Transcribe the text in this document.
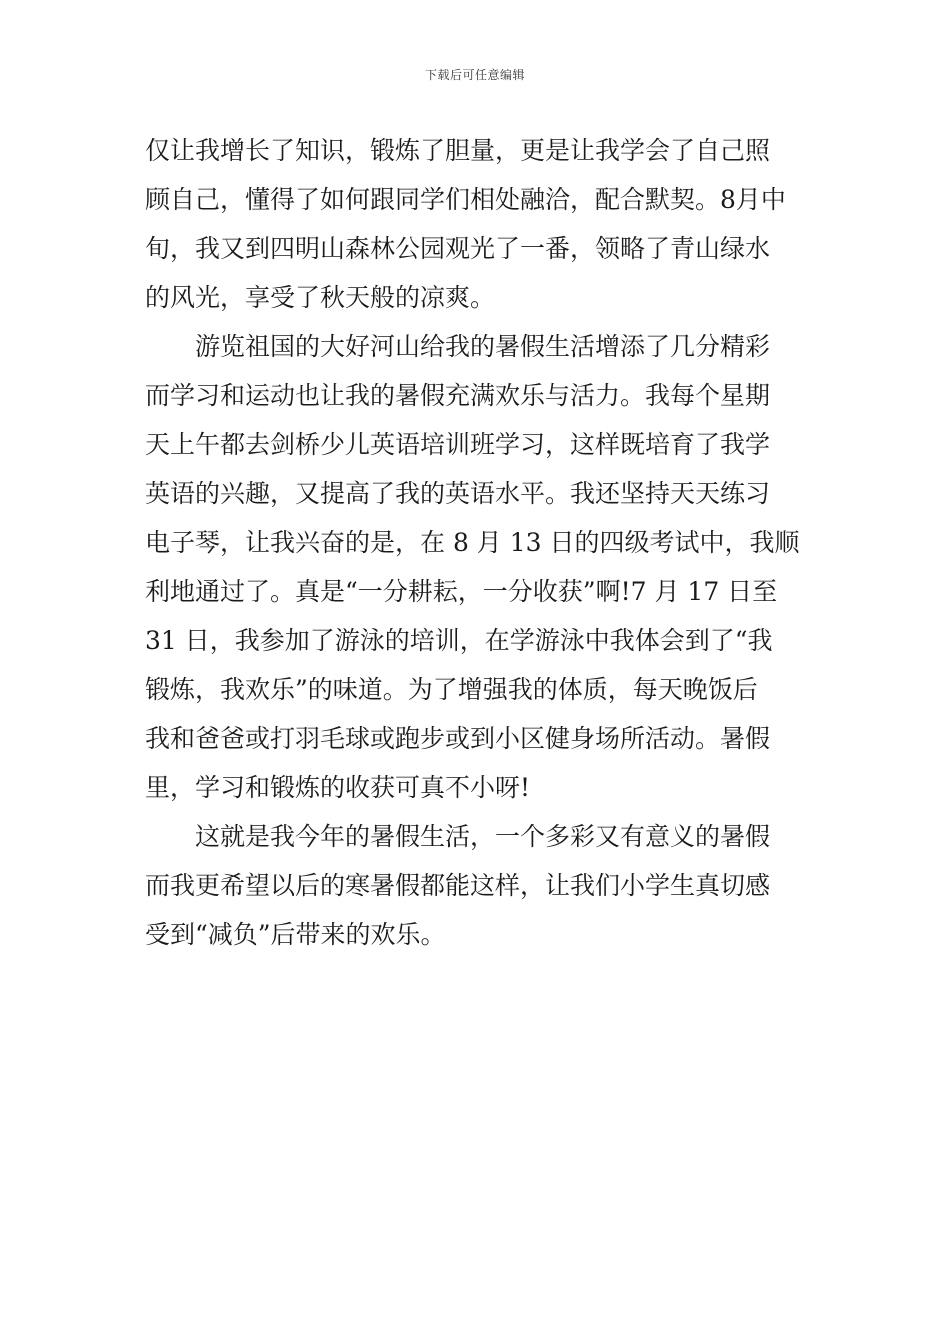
下载后可任意编辑
仅让我增长了知识，锻炼了胆量，更是让我学会了自己照
顾自己，懂得了如何跟同学们相处融洽，配合默契。8月中
旬，我又到四明山森林公园观光了一番，领略了青山绿水
的风光，享受了秋天般的凉爽。
　　游览祖国的大好河山给我的暑假生活增添了几分精彩
而学习和运动也让我的暑假充满欢乐与活力。我每个星期
天上午都去剑桥少儿英语培训班学习，这样既培育了我学
英语的兴趣，又提高了我的英语水平。我还坚持天天练习
电子琴，让我兴奋的是，在 8 月 13 日的四级考试中，我顺
利地通过了。真是“一分耕耘，一分收获”啊!7 月 17 日至
31 日，我参加了游泳的培训，在学游泳中我体会到了“我
锻炼，我欢乐”的味道。为了增强我的体质，每天晚饭后
我和爸爸或打羽毛球或跑步或到小区健身场所活动。暑假
里，学习和锻炼的收获可真不小呀!
　　这就是我今年的暑假生活，一个多彩又有意义的暑假
而我更希望以后的寒暑假都能这样，让我们小学生真切感
受到“减负”后带来的欢乐。
